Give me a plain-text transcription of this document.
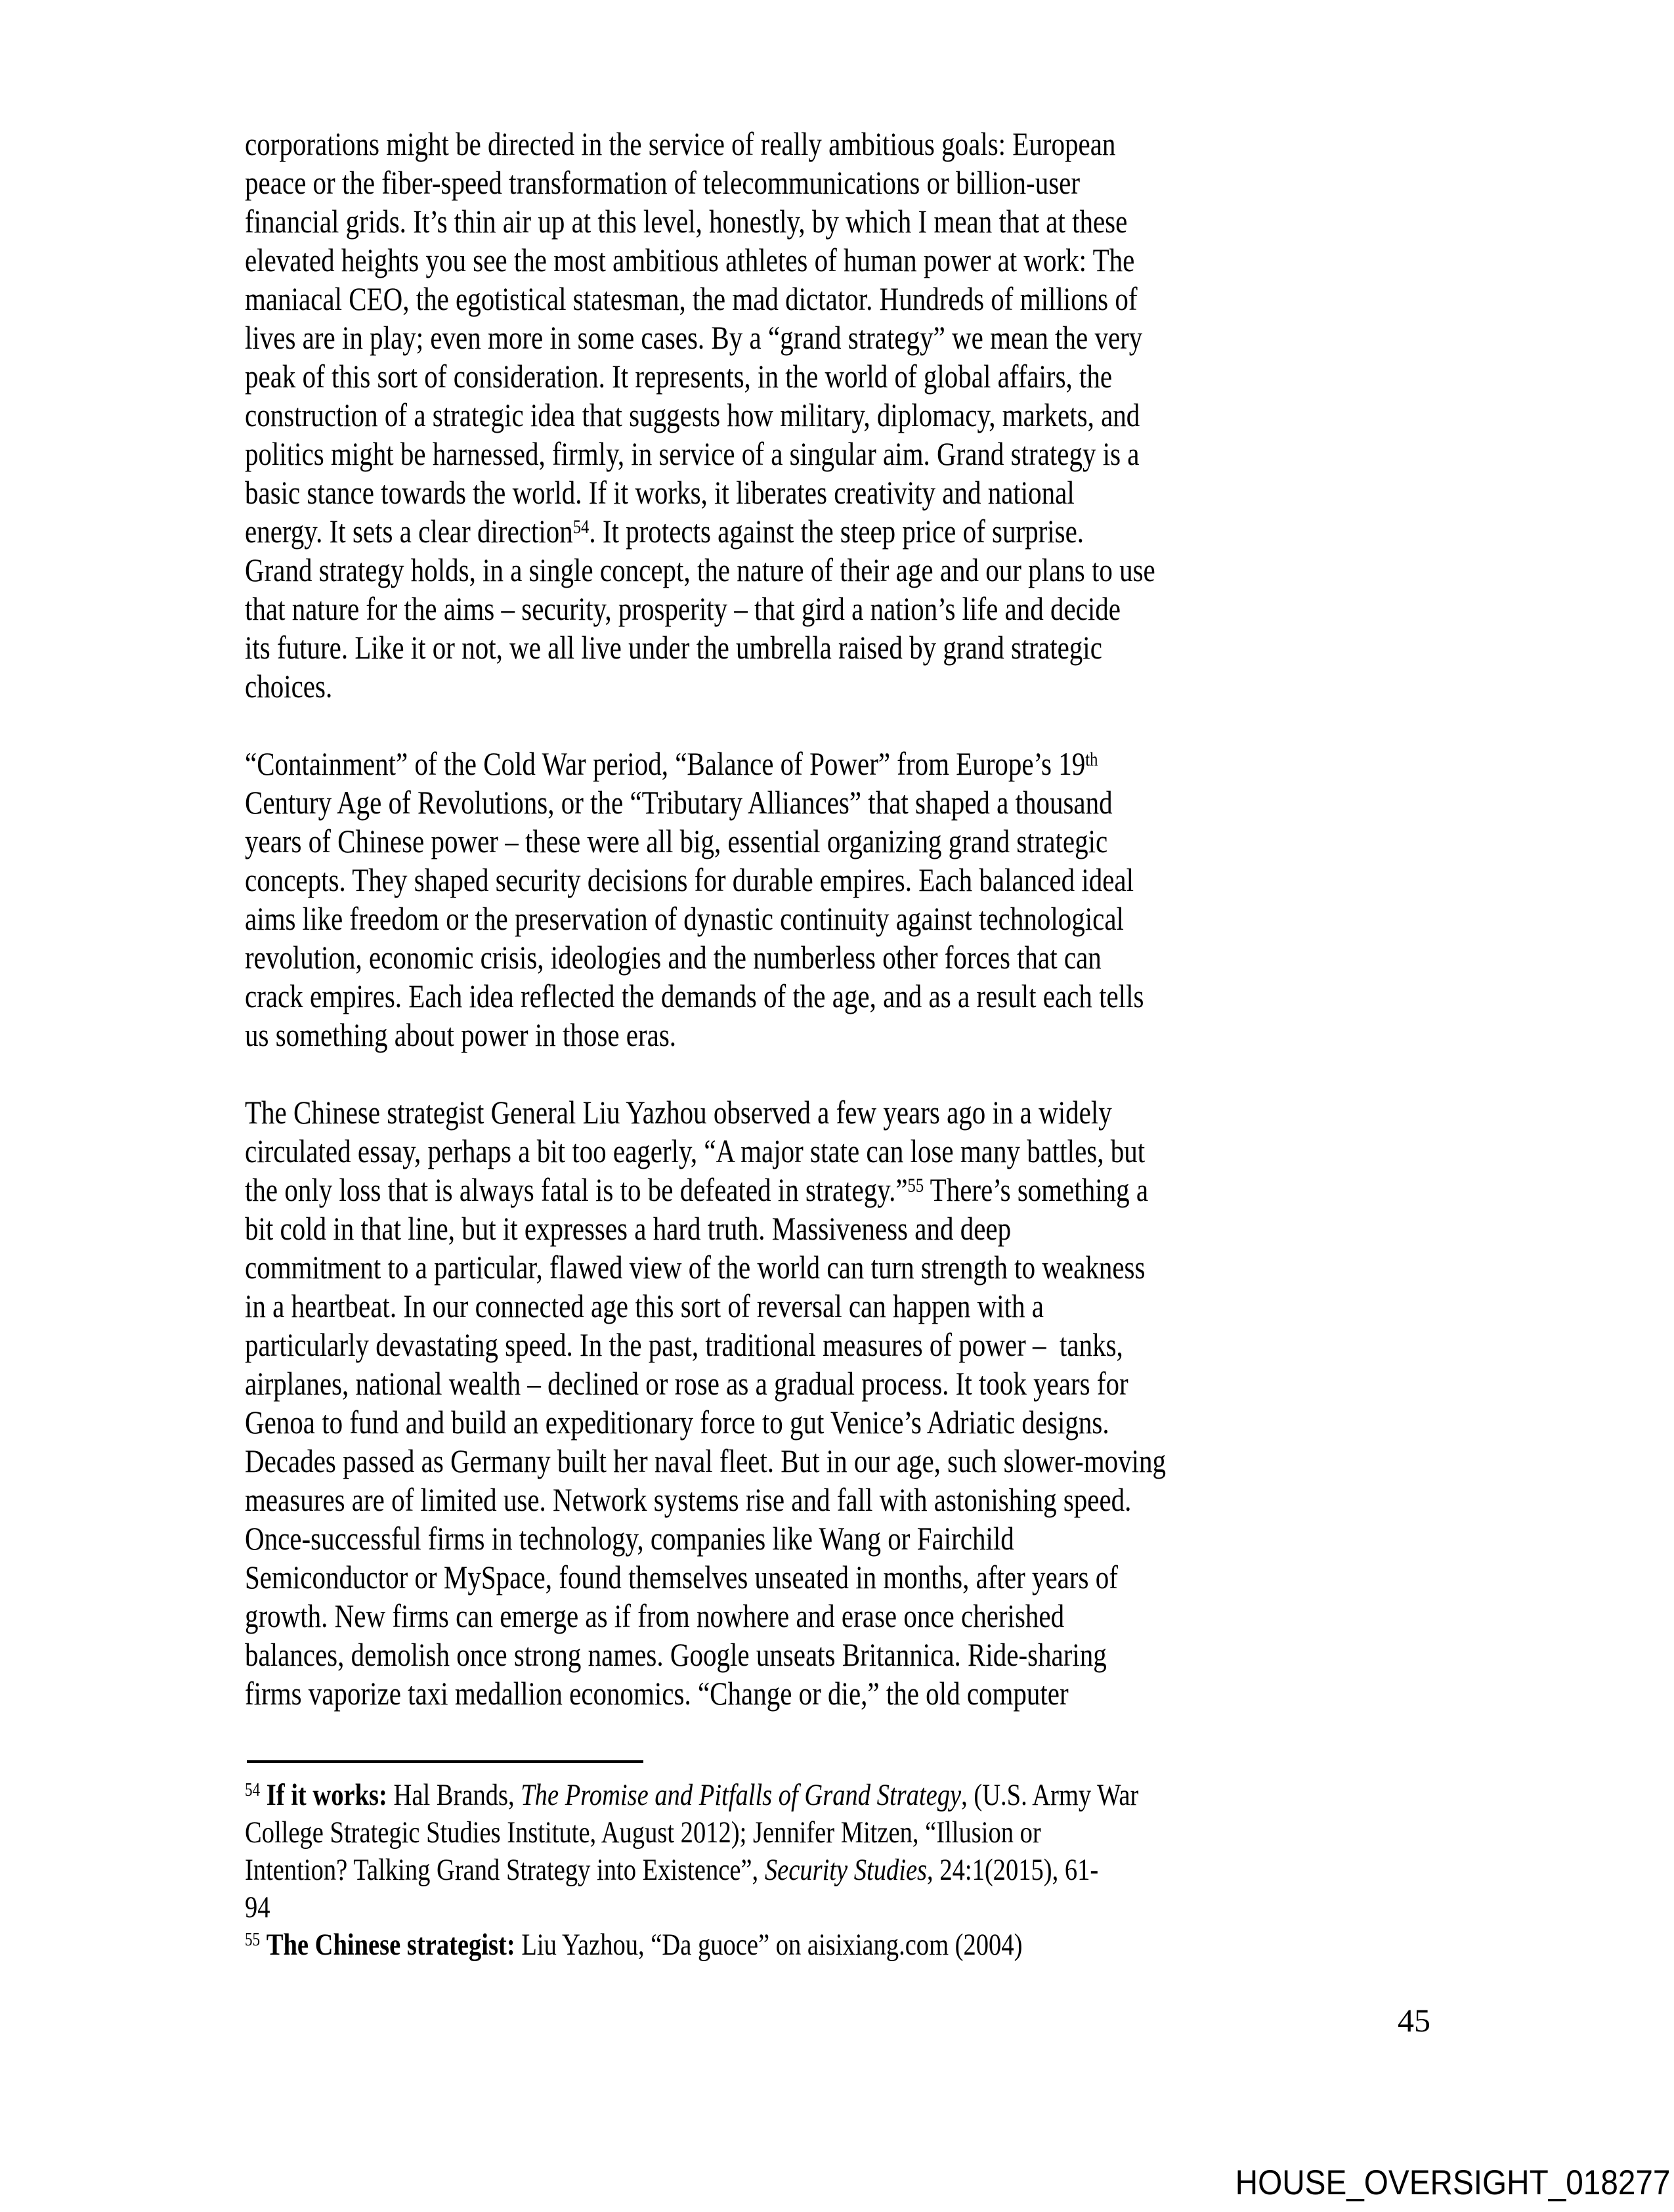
corporations might be directed in the service of really ambitious goals: European
peace or the fiber-speed transformation of telecommunications or billion-user
financial grids. It’s thin air up at this level, honestly, by which I mean that at these
elevated heights you see the most ambitious athletes of human power at work: The
maniacal CEO, the egotistical statesman, the mad dictator. Hundreds of millions of
lives are in play; even more in some cases. By a “grand strategy” we mean the very
peak of this sort of consideration. It represents, in the world of global affairs, the
construction of a strategic idea that suggests how military, diplomacy, markets, and
politics might be harnessed, firmly, in service of a singular aim. Grand strategy is a
basic stance towards the world. If it works, it liberates creativity and national
energy. It sets a clear direction$^{54}$. It protects against the steep price of surprise.
Grand strategy holds, in a single concept, the nature of their age and our plans to use
that nature for the aims – security, prosperity – that gird a nation’s life and decide
its future. Like it or not, we all live under the umbrella raised by grand strategic
choices.

“Containment” of the Cold War period, “Balance of Power” from Europe’s 19th
Century Age of Revolutions, or the “Tributary Alliances” that shaped a thousand
years of Chinese power – these were all big, essential organizing grand strategic
concepts. They shaped security decisions for durable empires. Each balanced ideal
aims like freedom or the preservation of dynastic continuity against technological
revolution, economic crisis, ideologies and the numberless other forces that can
crack empires. Each idea reflected the demands of the age, and as a result each tells
us something about power in those eras.

The Chinese strategist General Liu Yazhou observed a few years ago in a widely
circulated essay, perhaps a bit too eagerly, “A major state can lose many battles, but
the only loss that is always fatal is to be defeated in strategy.”$^{55}$ There’s something a
bit cold in that line, but it expresses a hard truth. Massiveness and deep
commitment to a particular, flawed view of the world can turn strength to weakness
in a heartbeat. In our connected age this sort of reversal can happen with a
particularly devastating speed. In the past, traditional measures of power –  tanks,
airplanes, national wealth – declined or rose as a gradual process. It took years for
Genoa to fund and build an expeditionary force to gut Venice’s Adriatic designs.
Decades passed as Germany built her naval fleet. But in our age, such slower-moving
measures are of limited use. Network systems rise and fall with astonishing speed.
Once-successful firms in technology, companies like Wang or Fairchild
Semiconductor or MySpace, found themselves unseated in months, after years of
growth. New firms can emerge as if from nowhere and erase once cherished
balances, demolish once strong names. Google unseats Britannica. Ride-sharing
firms vaporize taxi medallion economics. “Change or die,” the old computer
$^{54}$ If it works: Hal Brands, The Promise and Pitfalls of Grand Strategy, (U.S. Army War
College Strategic Studies Institute, August 2012); Jennifer Mitzen, “Illusion or
Intention? Talking Grand Strategy into Existence”, Security Studies, 24:1(2015), 61-
94
$^{55}$ The Chinese strategist: Liu Yazhou, “Da guoce” on aisixiang.com (2004)
45
HOUSE_OVERSIGHT_018277
